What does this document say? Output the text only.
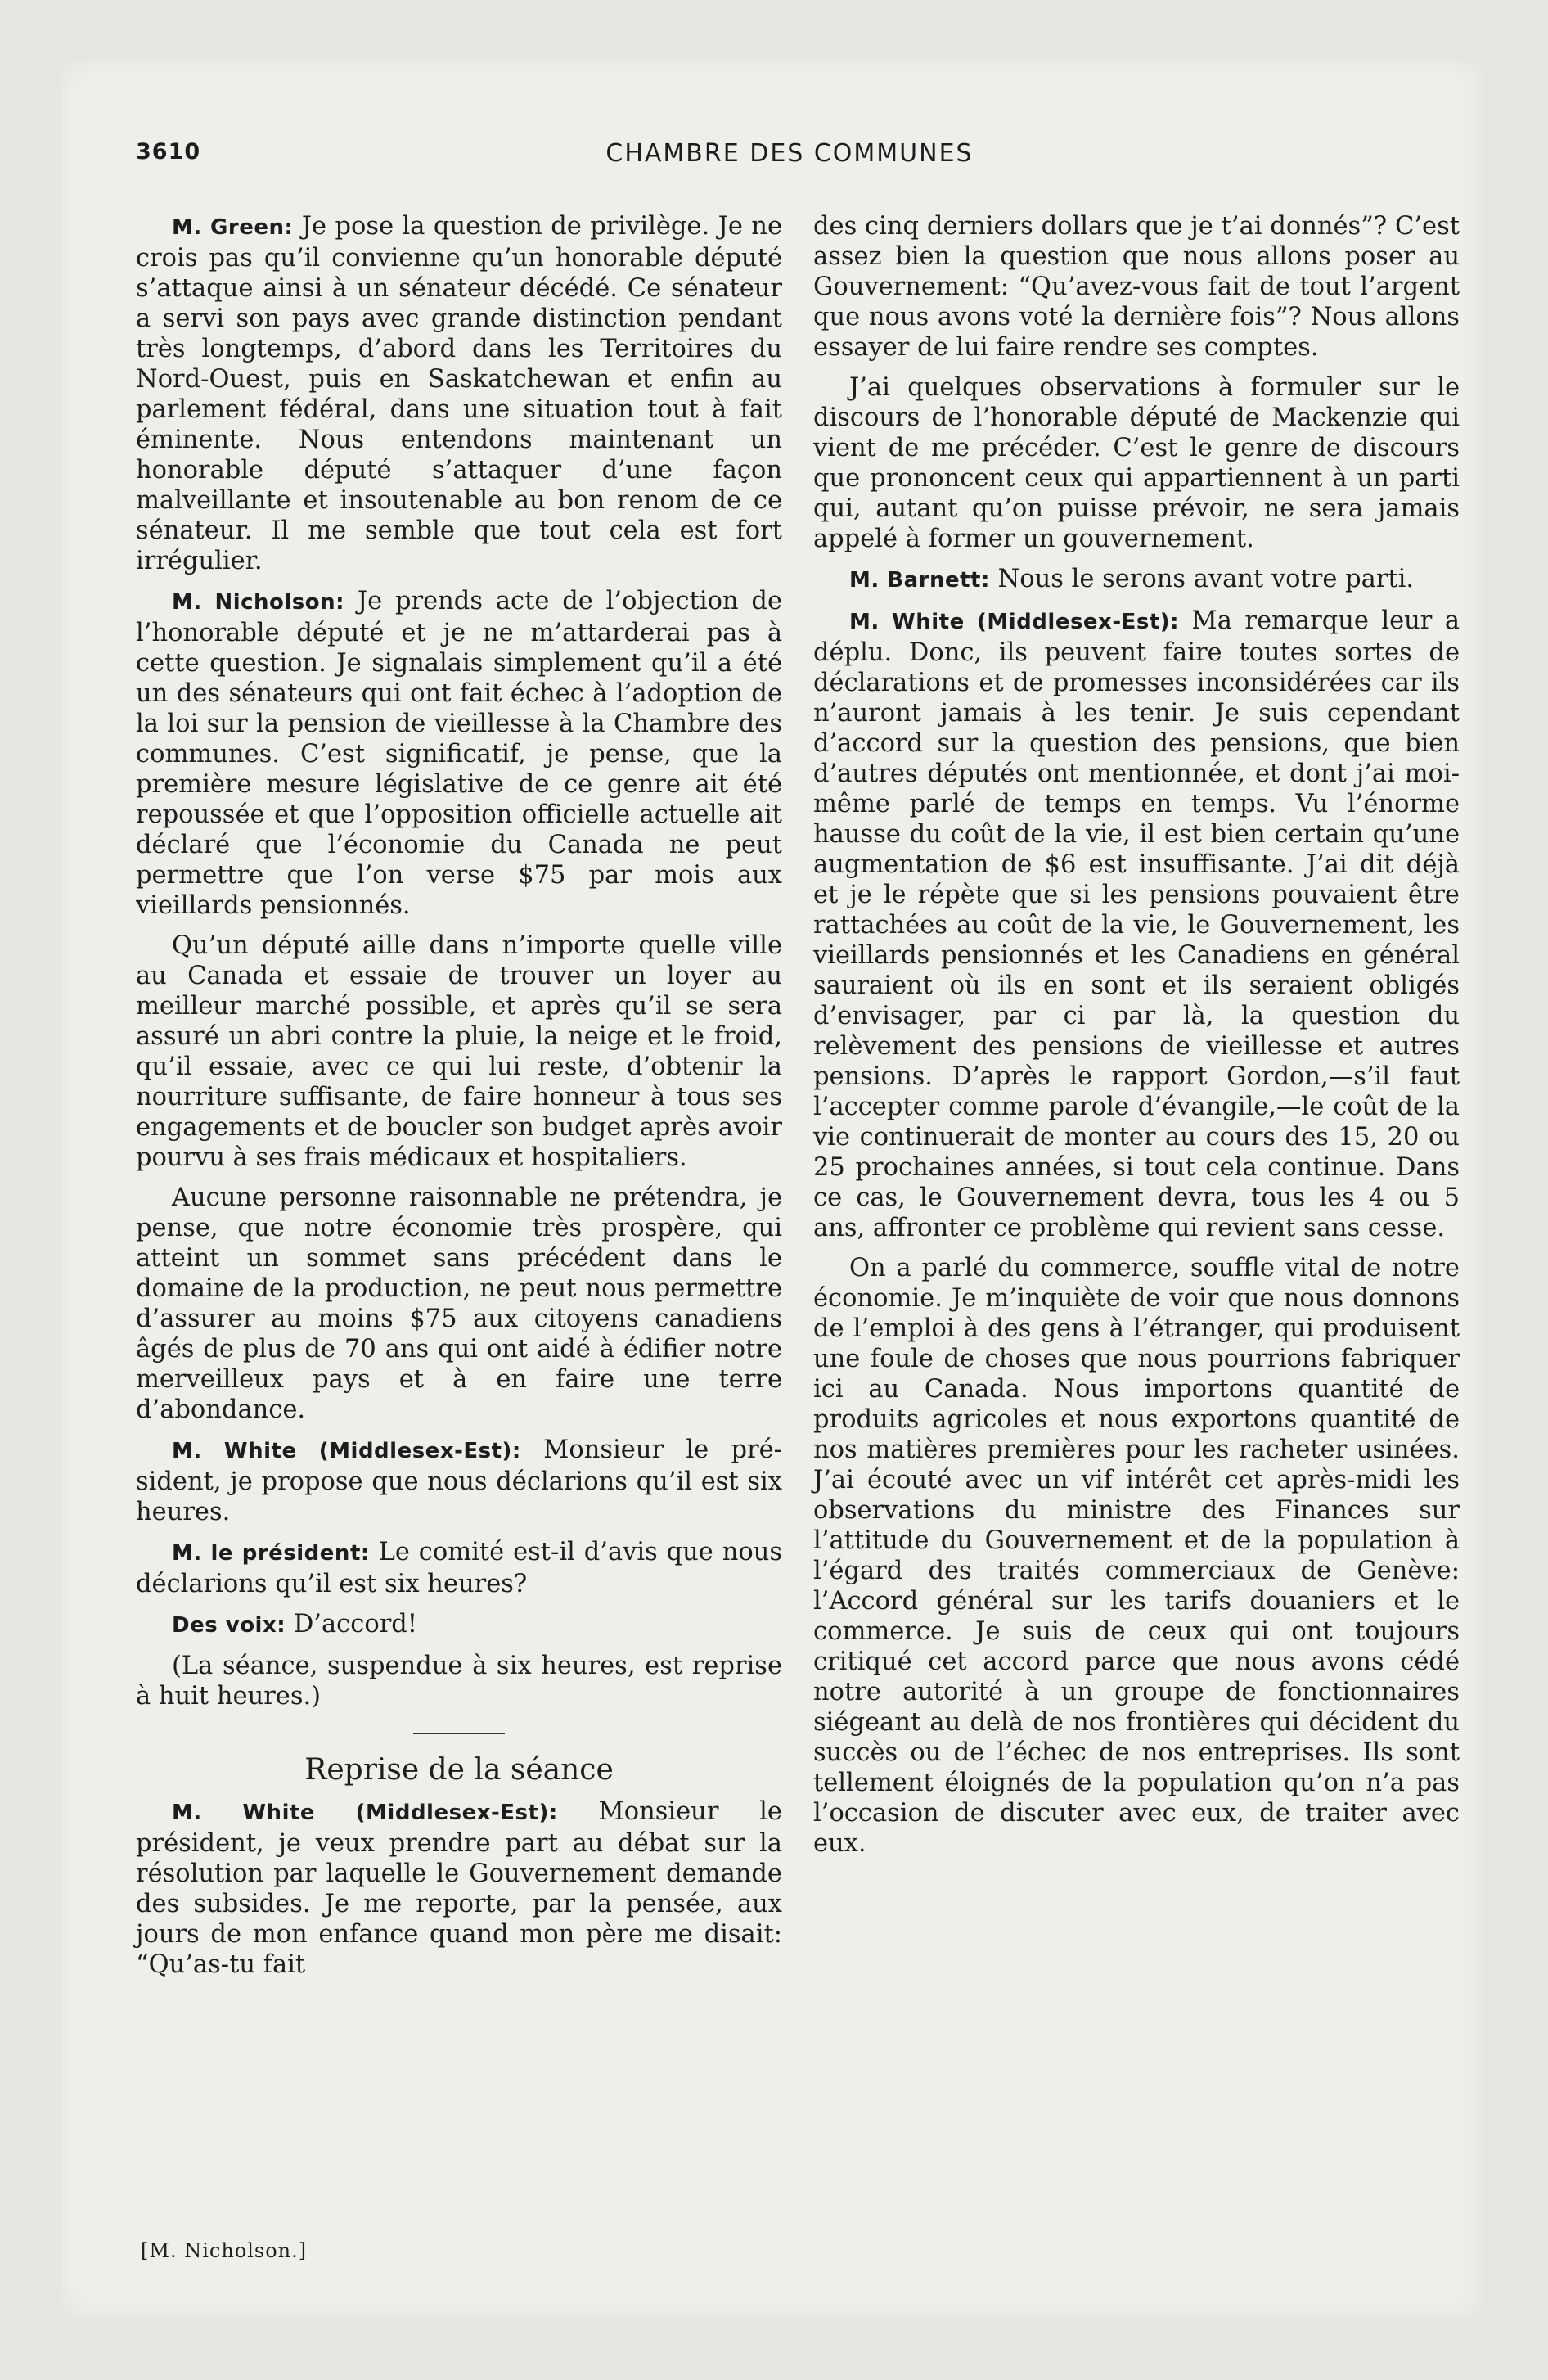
3610	CHAMBRE DES COMMUNES

M. Green: Je pose la question de privilège. Je ne crois pas qu’il convienne qu’un honorable député s’attaque ainsi à un sénateur décédé. Ce sénateur a servi son pays avec grande distinction pendant très longtemps, d’abord dans les Territoires du Nord-Ouest, puis en Saskatchewan et enfin au parlement fédéral, dans une situation tout à fait éminente. Nous entendons maintenant un honorable député s’attaquer d’une façon malveillante et insoutenable au bon renom de ce sénateur. Il me semble que tout cela est fort irrégulier.

M. Nicholson: Je prends acte de l’objection de l’honorable député et je ne m’attarderai pas à cette question. Je signalais simplement qu’il a été un des sénateurs qui ont fait échec à l’adoption de la loi sur la pension de vieillesse à la Chambre des communes. C’est significatif, je pense, que la première mesure législative de ce genre ait été repoussée et que l’opposition officielle actuelle ait déclaré que l’économie du Canada ne peut permettre que l’on verse $75 par mois aux vieillards pensionnés.

Qu’un député aille dans n’importe quelle ville au Canada et essaie de trouver un loyer au meilleur marché possible, et après qu’il se sera assuré un abri contre la pluie, la neige et le froid, qu’il essaie, avec ce qui lui reste, d’obtenir la nourriture suffisante, de faire honneur à tous ses engagements et de boucler son budget après avoir pourvu à ses frais médicaux et hospitaliers.

Aucune personne raisonnable ne prétendra, je pense, que notre économie très prospère, qui atteint un sommet sans précédent dans le domaine de la production, ne peut nous permettre d’assurer au moins $75 aux citoyens canadiens âgés de plus de 70 ans qui ont aidé à édifier notre merveilleux pays et à en faire une terre d’abondance.

M. White (Middlesex-Est): Monsieur le président, je propose que nous déclarions qu’il est six heures.

M. le président: Le comité est-il d’avis que nous déclarions qu’il est six heures?

Des voix: D’accord!

(La séance, suspendue à six heures, est reprise à huit heures.)

Reprise de la séance

M. White (Middlesex-Est): Monsieur le président, je veux prendre part au débat sur la résolution par laquelle le Gouvernement demande des subsides. Je me reporte, par la pensée, aux jours de mon enfance quand mon père me disait: “Qu’as-tu fait

des cinq derniers dollars que je t’ai donnés”? C’est assez bien la question que nous allons poser au Gouvernement: “Qu’avez-vous fait de tout l’argent que nous avons voté la dernière fois”? Nous allons essayer de lui faire rendre ses comptes.

J’ai quelques observations à formuler sur le discours de l’honorable député de Mackenzie qui vient de me précéder. C’est le genre de discours que prononcent ceux qui appartiennent à un parti qui, autant qu’on puisse prévoir, ne sera jamais appelé à former un gouvernement.

M. Barnett: Nous le serons avant votre parti.

M. White (Middlesex-Est): Ma remarque leur a déplu. Donc, ils peuvent faire toutes sortes de déclarations et de promesses inconsidérées car ils n’auront jamais à les tenir. Je suis cependant d’accord sur la question des pensions, que bien d’autres députés ont mentionnée, et dont j’ai moi-même parlé de temps en temps. Vu l’énorme hausse du coût de la vie, il est bien certain qu’une augmentation de $6 est insuffisante. J’ai dit déjà et je le répète que si les pensions pouvaient être rattachées au coût de la vie, le Gouvernement, les vieillards pensionnés et les Canadiens en général sauraient où ils en sont et ils seraient obligés d’envisager, par ci par là, la question du relèvement des pensions de vieillesse et autres pensions. D’après le rapport Gordon,—s’il faut l’accepter comme parole d’évangile,—le coût de la vie continuerait de monter au cours des 15, 20 ou 25 prochaines années, si tout cela continue. Dans ce cas, le Gouvernement devra, tous les 4 ou 5 ans, affronter ce problème qui revient sans cesse.

On a parlé du commerce, souffle vital de notre économie. Je m’inquiète de voir que nous donnons de l’emploi à des gens à l’étranger, qui produisent une foule de choses que nous pourrions fabriquer ici au Canada. Nous importons quantité de produits agricoles et nous exportons quantité de nos matières premières pour les racheter usinées. J’ai écouté avec un vif intérêt cet après-midi les observations du ministre des Finances sur l’attitude du Gouvernement et de la population à l’égard des traités commerciaux de Genève: l’Accord général sur les tarifs douaniers et le commerce. Je suis de ceux qui ont toujours critiqué cet accord parce que nous avons cédé notre autorité à un groupe de fonctionnaires siégeant au delà de nos frontières qui décident du succès ou de l’échec de nos entreprises. Ils sont tellement éloignés de la population qu’on n’a pas l’occasion de discuter avec eux, de traiter avec eux.

[M. Nicholson.]
